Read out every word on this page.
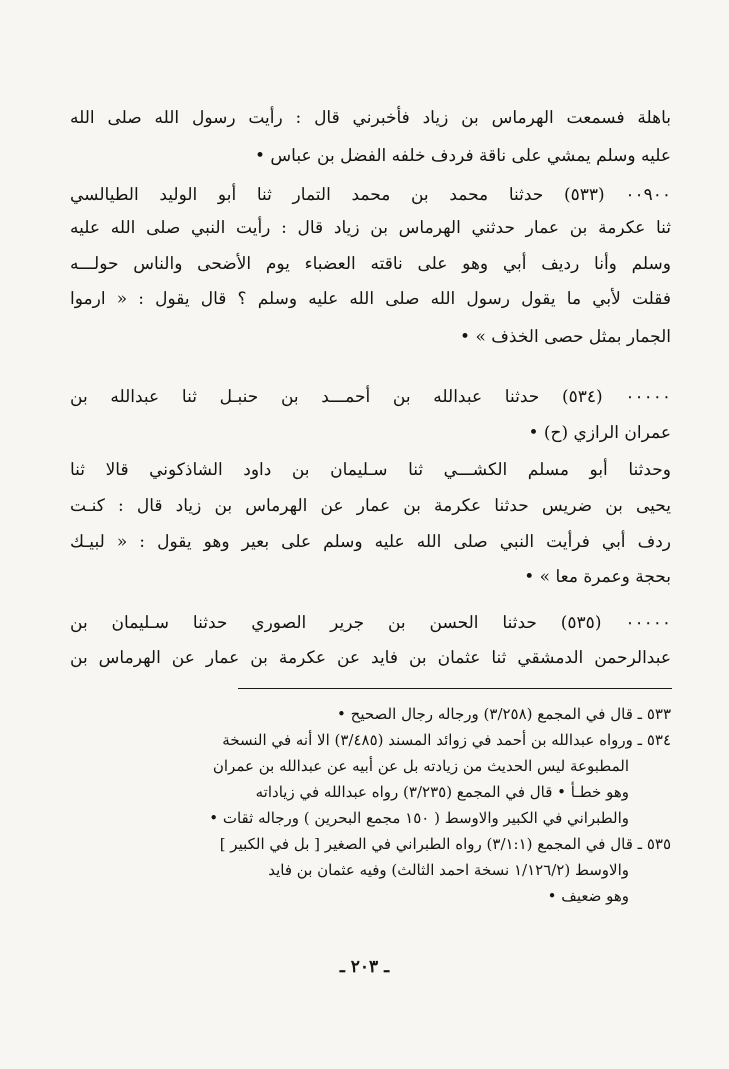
باهلة فسمعت الهرماس بن زياد فأخبرني قال : رأيت رسول الله صلى الله
عليه وسلم يمشي على ناقة فردف خلفه الفضل بن عباس •
٠٠٩٠٠ (٥٣٣) حدثنا محمد بن محمد التمار ثنا أبو الوليد الطيالسي
ثنا عكرمة بن عمار حدثني الهرماس بن زياد قال : رأيت النبي صلى الله عليه
وسلم وأنا رديف أبي وهو على ناقته العضباء يوم الأضحى والناس حولـــه
فقلت لأبي ما يقول رسول الله صلى الله عليه وسلم ؟ قال يقول : « ارموا
الجمار بمثل حصى الخذف » •
٠٠٠٠٠ (٥٣٤) حدثنا عبدالله بن أحمـــد بن حنبـل ثنا عبدالله بن
عمران الرازي (ح) •
وحدثنا أبو مسلم الكشـــي ثنا سـليمان بن داود الشاذكوني قالا ثنا
يحيى بن ضريس حدثنا عكرمة بن عمار عن الهرماس بن زياد قال : كنـت
ردف أبي فرأيت النبي صلى الله عليه وسلم على بعير وهو يقول : « لبيـك
بحجة وعمرة معا » •
٠٠٠٠٠ (٥٣٥) حدثنا الحسن بن جرير الصوري حدثنا سـليمان بن
عبدالرحمن الدمشقي ثنا عثمان بن فايد عن عكرمة بن عمار عن الهرماس بن
٥٣٣ ـ قال في المجمع (٣/٢٥٨) ورجاله رجال الصحيح •
٥٣٤ ـ ورواه عبدالله بن أحمد في زوائد المسند (٣/٤٨٥) الا أنه في النسخة
المطبوعة ليس الحديث من زيادته بل عن أبيه عن عبدالله بن عمران
وهو خطـأ • قال في المجمع (٣/٢٣٥) رواه عبدالله في زياداته
والطبراني في الكبير والاوسط ( ١٥٠ مجمع البحرين ) ورجاله ثقات •
٥٣٥ ـ قال في المجمع (٣/١:١) رواه الطبراني في الصغير [ بل في الكبير ]
والاوسط (١/١٢٦/٢ نسخة احمد الثالث) وفيه عثمان بن فايد
وهو ضعيف •
ـ ٢٠٣ ـ
